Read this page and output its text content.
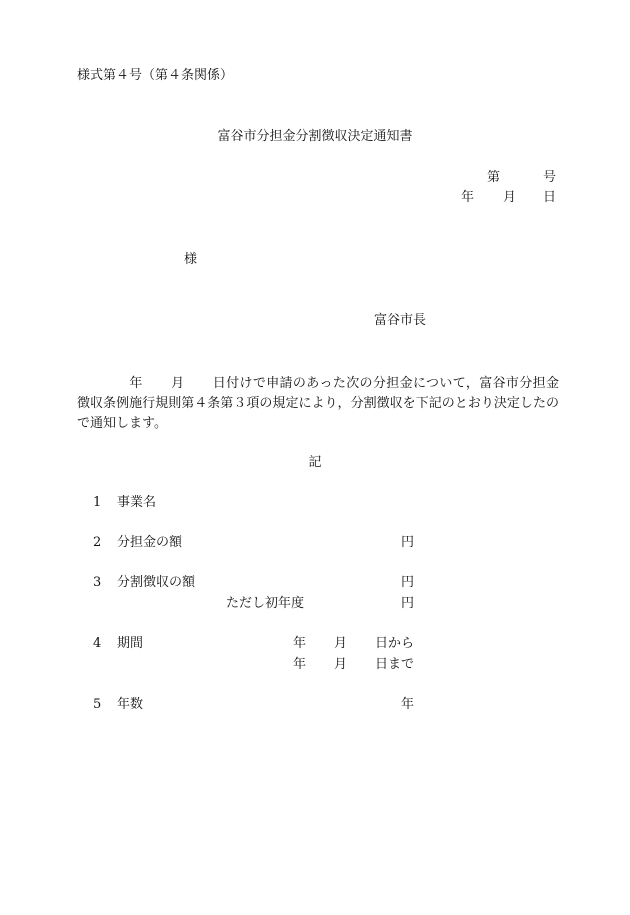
様式第４号（第４条関係）

富谷市分担金分割徴収決定通知書
第	号
年 月 日
様
富谷市長

年 月 日付けで申請のあった次の分担金について，富谷市分担金徴収条例施行規則第４条第３項の規定により，分割徴収を下記のとおり決定したので通知します。

記
1 事業名
2 分担金の額	円
3 分割徴収の額	円
ただし初年度	円
4 期間	年 月 日から
年 月 日まで
5 年数	年
